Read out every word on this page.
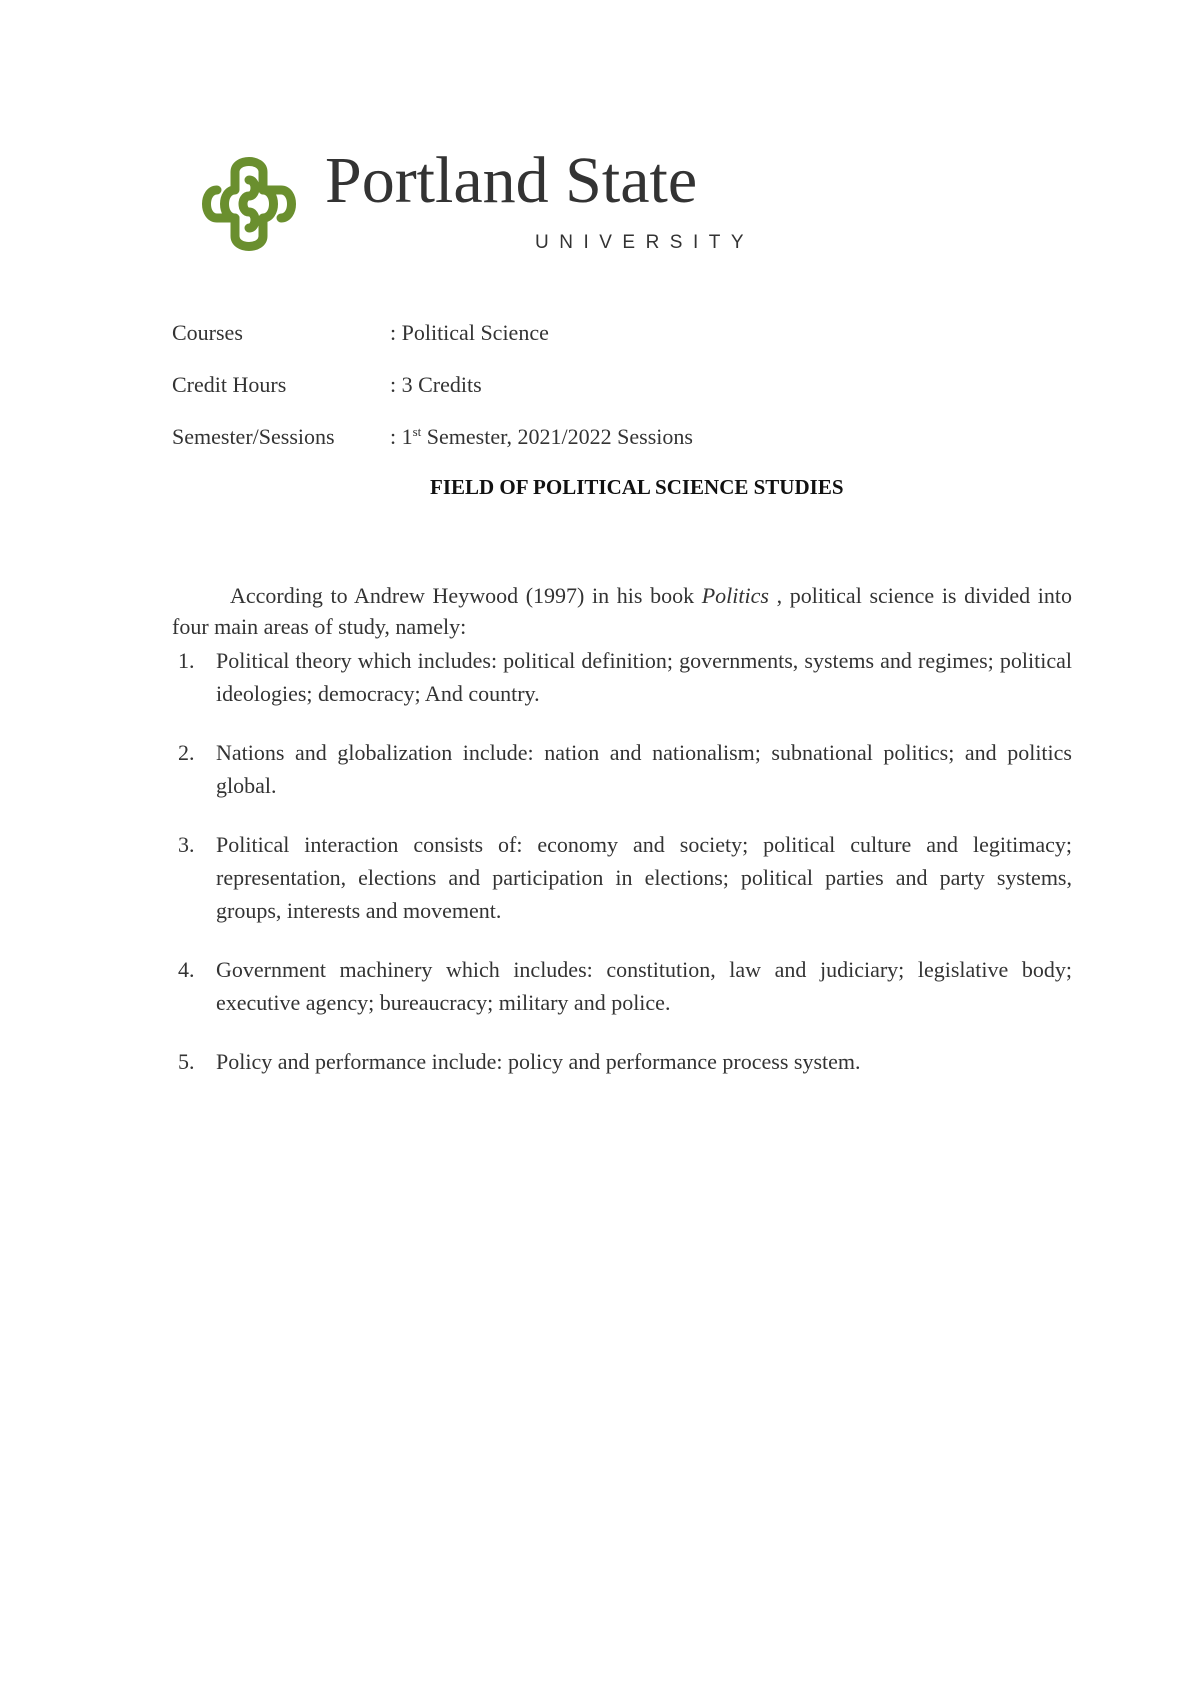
Portland State
UNIVERSITY
Courses	: Political Science
Credit Hours	: 3 Credits
Semester/Sessions	: 1st Semester, 2021/2022 Sessions
FIELD OF POLITICAL SCIENCE STUDIES

According to Andrew Heywood (1997) in his book Politics , political science is divided into four main areas of study, namely:

1. Political theory which includes: political definition; governments, systems and regimes; political ideologies; democracy; And country.
2. Nations and globalization include: nation and nationalism; subnational politics; and politics global.
3. Political interaction consists of: economy and society; political culture and legitimacy; representation, elections and participation in elections; political parties and party systems, groups, interests and movement.
4. Government machinery which includes: constitution, law and judiciary; legislative body; executive agency; bureaucracy; military and police.
5. Policy and performance include: policy and performance process system.
